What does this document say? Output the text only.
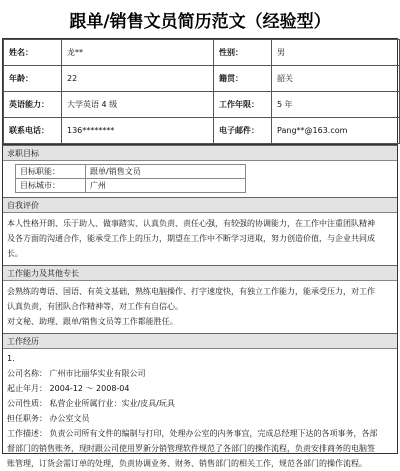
跟单/销售文员简历范文（经验型）
姓名：	龙**	性别：	男
年龄：	22	籍贯：	韶关
英语能力：	大学英语 4 级	工作年限：	5 年
联系电话：	136********	电子邮件：	Pang**@163.com
求职目标
目标职能：	跟单/销售文员
目标城市：	广州
自我评价
本人性格开朗、乐于助人、做事踏实、认真负责、责任心强，有较强的协调能力，在工作中注重团队精神
及各方面的沟通合作，能承受工作上的压力，期望在工作中不断学习进取，努力创造价值，与企业共同成
长。
工作能力及其他专长
会熟练的粤语、国语、有英文基础，熟练电脑操作、打字速度快，有独立工作能力，能承受压力，对工作
认真负责，有团队合作精神等，对工作有自信心。
对文秘、助理、跟单/销售文员等工作都能胜任。
工作经历
1.
公司名称： 广州市比丽华实业有限公司
起止年月： 2004-12 ～ 2008-04
公司性质： 私营企业所属行业：实业/皮具/玩具
担任职务： 办公室文员
工作描述： 负责公司所有文件的编制与打印，处理办公室的内务事宜，完成总经理下达的各项事务，各部
督部门的销售账务，现时跟公司使用罗新分销管理软件规范了各部门的操作流程，负责安排商务的电脑签
账管理，订货会需订单的处理，负责协调业务、财务、销售部门的相关工作，规范各部门的操作流程。
